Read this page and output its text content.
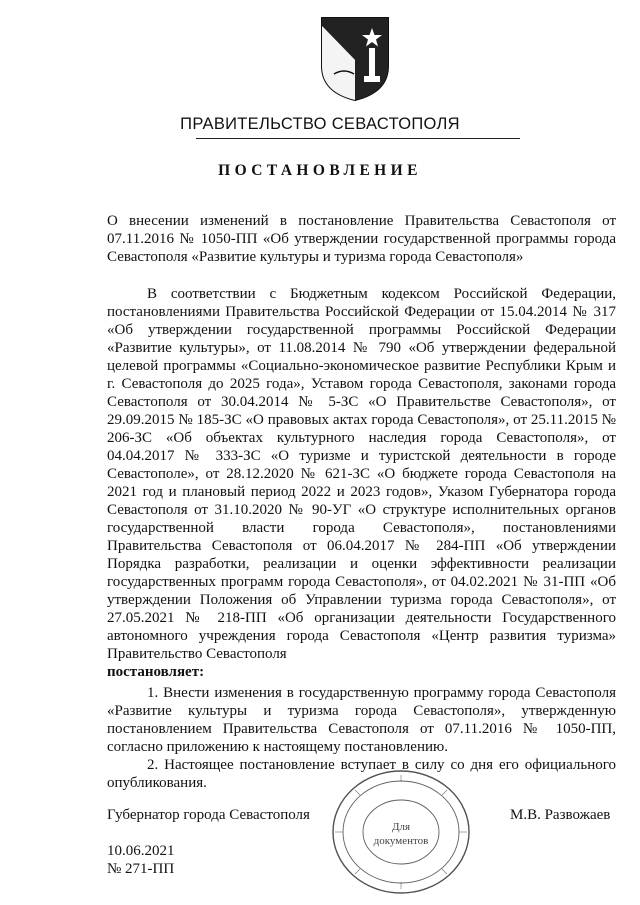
ПРАВИТЕЛЬСТВО СЕВАСТОПОЛЯ
ПОСТАНОВЛЕНИЕ
О внесении изменений в постановление Правительства Севастополя от 07.11.2016 № 1050-ПП «Об утверждении государственной программы города Севастополя «Развитие культуры и туризма города Севастополя»
В соответствии с Бюджетным кодексом Российской Федерации, постановлениями Правительства Российской Федерации от 15.04.2014 № 317 «Об утверждении государственной программы Российской Федерации «Развитие культуры», от 11.08.2014 № 790 «Об утверждении федеральной целевой программы «Социально-экономическое развитие Республики Крым и г. Севастополя до 2025 года», Уставом города Севастополя, законами города Севастополя от 30.04.2014 № 5-ЗС «О Правительстве Севастополя», от 29.09.2015 № 185-ЗС «О правовых актах города Севастополя», от 25.11.2015 № 206-ЗС «Об объектах культурного наследия города Севастополя», от 04.04.2017 № 333-ЗС «О туризме и туристской деятельности в городе Севастополе», от 28.12.2020 № 621-ЗС «О бюджете города Севастополя на 2021 год и плановый период 2022 и 2023 годов», Указом Губернатора города Севастополя от 31.10.2020 № 90-УГ «О структуре исполнительных органов государственной власти города Севастополя», постановлениями Правительства Севастополя от 06.04.2017 № 284-ПП «Об утверждении Порядка разработки, реализации и оценки эффективности реализации государственных программ города Севастополя», от 04.02.2021 № 31-ПП «Об утверждении Положения об Управлении туризма города Севастополя», от 27.05.2021 № 218-ПП «Об организации деятельности Государственного автономного учреждения города Севастополя «Центр развития туризма» Правительство Севастополя
постановляет:
1. Внести изменения в государственную программу города Севастополя «Развитие культуры и туризма города Севастополя», утвержденную постановлением Правительства Севастополя от 07.11.2016 № 1050-ПП, согласно приложению к настоящему постановлению.
2. Настоящее постановление вступает в силу со дня его официального опубликования.
Губернатор города Севастополя	М.В. Развожаев
Для
документов
10.06.2021
№ 271-ПП
